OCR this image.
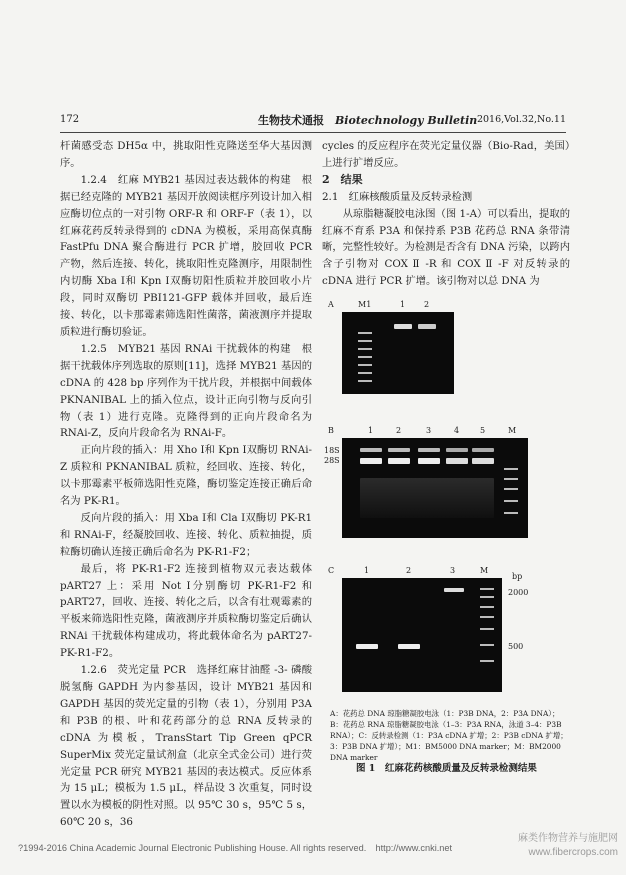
172	生物技术通报　 Biotechnology Bulletin 2016,Vol.32,No.11

杆菌感受态 DH5α 中，挑取阳性克隆送至华大基因测序。

1.2.4　红麻 MYB21 基因过表达载体的构建　根据已经克隆的 MYB21 基因开放阅读框序列设计加入相应酶切位点的一对引物 ORF-R 和 ORF-F（表 1），以红麻花药反转录得到的 cDNA 为模板，采用高保真酶 FastPfu DNA 聚合酶进行 PCR 扩增，胶回收 PCR 产物，然后连接、转化，挑取阳性克隆测序，用限制性内切酶 Xba Ⅰ和 Kpn Ⅰ双酶切阳性质粒并胶回收小片段，同时双酶切 PBI121-GFP 载体并回收，最后连接、转化，以卡那霉素筛选阳性菌落，菌液测序并提取质粒进行酶切验证。

1.2.5　MYB21 基因 RNAi 干扰载体的构建　根据干扰载体序列选取的原则[11]，选择 MYB21 基因的 cDNA 的 428 bp 序列作为干扰片段，并根据中间载体 PKNANIBAL 上的插入位点，设计正向引物与反向引物（表 1）进行克隆。克隆得到的正向片段命名为 RNAi-Z，反向片段命名为 RNAi-F。

正向片段的插入：用 Xho Ⅰ和 Kpn Ⅰ双酶切 RNAi-Z 质粒和 PKNANIBAL 质粒，经回收、连接、转化，以卡那霉素平板筛选阳性克隆，酶切鉴定连接正确后命名为 PK-R1。

反向片段的插入：用 Xba Ⅰ和 Cla Ⅰ双酶切 PK-R1 和 RNAi-F，经凝胶回收、连接、转化、质粒抽提，质粒酶切确认连接正确后命名为 PK-R1-F2；

最后，将 PK-R1-F2 连接到植物双元表达载体 pART27 上：采用 Not Ⅰ分别酶切 PK-R1-F2 和 pART27，回收、连接、转化之后，以含有壮观霉素的平板来筛选阳性克隆，菌液测序并质粒酶切鉴定后确认 RNAi 干扰载体构建成功，将此载体命名为 pART27-PK-R1-F2。

1.2.6　荧光定量 PCR　选择红麻甘油醛 -3- 磷酸脱氢酶 GAPDH 为内参基因，设计 MYB21 基因和 GAPDH 基因的荧光定量的引物（表 1），分别用 P3A 和 P3B 的根、叶和花药部分的总 RNA 反转录的 cDNA 为模板，TransStart Tip Green qPCR SuperMix 荧光定量试剂盒（北京全式金公司）进行荧光定量 PCR 研究 MYB21 基因的表达模式。反应体系为 15 μL；模板为 1.5 μL，样品设 3 次重复，同时设置以水为模板的阴性对照。以 95℃ 30 s，95℃ 5 s，60℃ 20 s，36

cycles 的反应程序在荧光定量仪器（Bio-Rad，美国）上进行扩增反应。

2　结果

2.1　红麻核酸质量及反转录检测

从琼脂糖凝胶电泳图（图 1-A）可以看出，提取的红麻不育系 P3A 和保持系 P3B 花药总 RNA 条带清晰，完整性较好。为检测是否含有 DNA 污染，以跨内含子引物对 COX Ⅱ -R 和 COX Ⅱ -F 对反转录的 cDNA 进行 PCR 扩增。该引物对以总 DNA 为

A	M1	1 2
B	1	2	3	4	5	M
18S
28S
C	1	2	3	M
bp
2000
500
A：花药总 DNA 琼脂糖凝胶电泳（1：P3B DNA，2：P3A DNA）；B：花药总 RNA 琼脂糖凝胶电泳（1–3：P3A RNA，泳道 3–4：P3B RNA）；C：反转录检测（1：P3A cDNA 扩增；2：P3B cDNA 扩增；3：P3B DNA 扩增）；M1：BM5000 DNA marker；M：BM2000 DNA marker
图 1　红麻花药核酸质量及反转录检测结果
?1994-2016 China Academic Journal Electronic Publishing House. All rights reserved.　http://www.cnki.net
麻类作物营养与施肥网
www.fibercrops.com
